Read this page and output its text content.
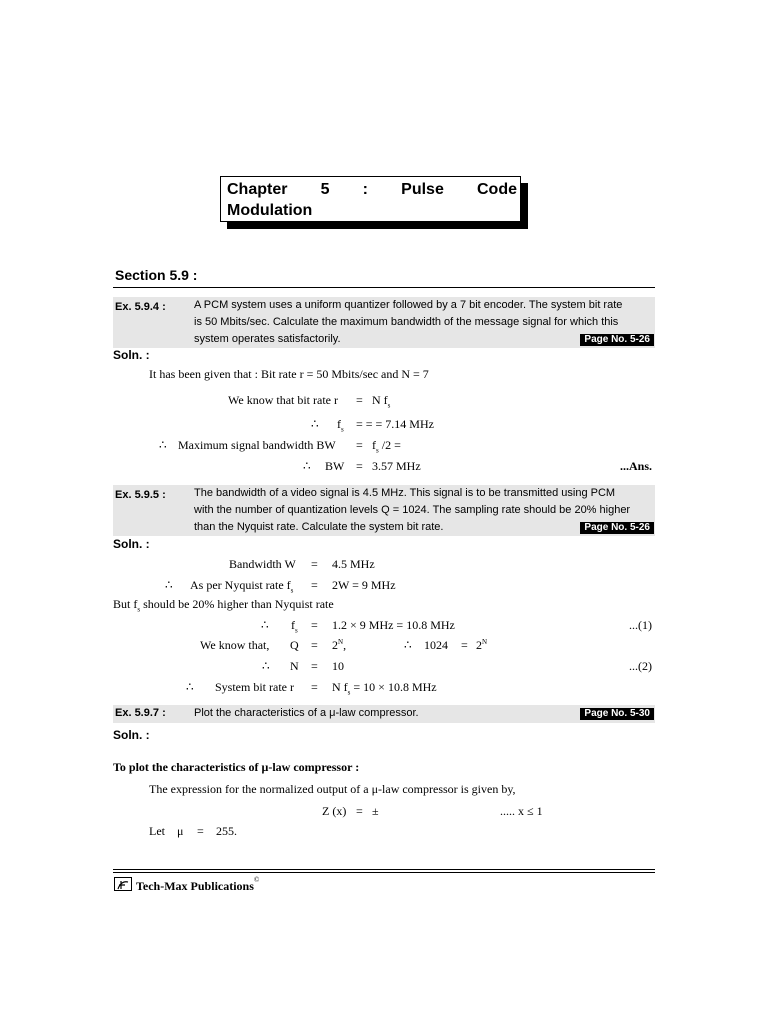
Chapter 5 : Pulse Code
Modulation
Section 5.9 :
Ex. 5.9.4 :	A PCM system uses a uniform quantizer followed by a 7 bit encoder. The system bit rate
is 50 Mbits/sec. Calculate the maximum bandwidth of the message signal for which this
system operates satisfactorily.	Page No. 5-26
Soln. :
It has been given that : Bit rate r = 50 Mbits/sec and N = 7
We know that bit rate r = N $f_s$
∴ $f_s$ = = = 7.14 MHz
∴ Maximum signal bandwidth BW = $f_s$ /2 =
∴ BW = 3.57 MHz	...Ans.
Ex. 5.9.5 :	The bandwidth of a video signal is 4.5 MHz. This signal is to be transmitted using PCM
with the number of quantization levels Q = 1024. The sampling rate should be 20% higher
than the Nyquist rate. Calculate the system bit rate.	Page No. 5-26
Soln. :
Bandwidth W = 4.5 MHz
∴ As per Nyquist rate $f_s = 2W = 9$ MHz
But $f_s$ should be 20% higher than Nyquist rate
∴ $f_s = 1.2 \times 9$ MHz = 10.8 MHz	...(1)
We know that, $Q = 2^N$,	∴ $1024 = 2^N$
∴ N = 10	...(2)
∴ System bit rate r = N $f_s = 10 \times 10.8$ MHz
Ex. 5.9.7 :	Plot the characteristics of a μ-law compressor.	Page No. 5-30
Soln. :
To plot the characteristics of μ-law compressor :
The expression for the normalized output of a μ-law compressor is given by,
Z (x) = ±	..... x ≤ 1
Let μ = 255.
Tech-Max Publications ©
